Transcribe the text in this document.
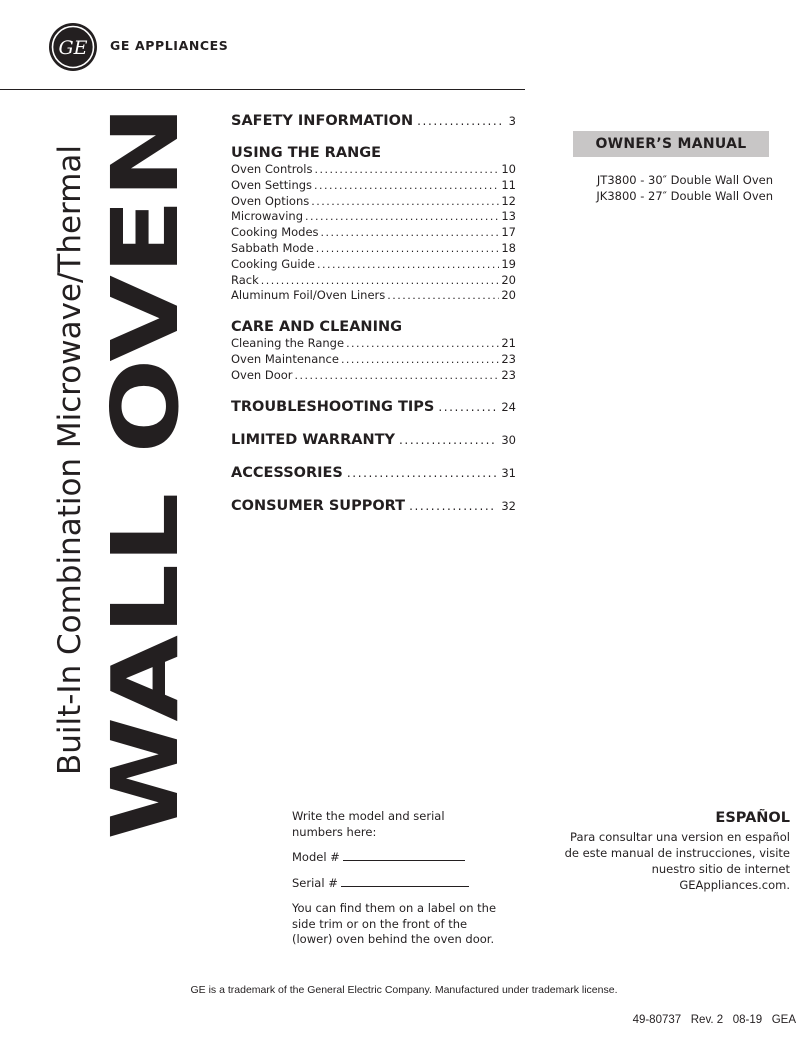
GE GE APPLIANCES
Built-In Combination Microwave/Thermal WALL OVEN
SAFETY INFORMATION .....	3
USING THE RANGE
Oven Controls .....	10
Oven Settings .....	11
Oven Options .....	12
Microwaving .....	13
Cooking Modes .....	17
Sabbath Mode .....	18
Cooking Guide .....	19
Rack .....	20
Aluminum Foil/Oven Liners .....	20
CARE AND CLEANING
Cleaning the Range .....	21
Oven Maintenance .....	23
Oven Door .....	23
TROUBLESHOOTING TIPS .....	24
LIMITED WARRANTY .....	30
ACCESSORIES .....	31
CONSUMER SUPPORT .....	32
OWNER’S MANUAL
JT3800 - 30″ Double Wall Oven
JK3800 - 27″ Double Wall Oven

Write the model and serial numbers here:

Model #

Serial #

You can find them on a label on the side trim or on the front of the (lower) oven behind the oven door.

ESPAÑOL
Para consultar una version en español de este manual de instrucciones, visite nuestro sitio de internet GEAppliances.com.
GE is a trademark of the General Electric Company. Manufactured under trademark license.
49-80737   Rev. 2   08-19   GEA
